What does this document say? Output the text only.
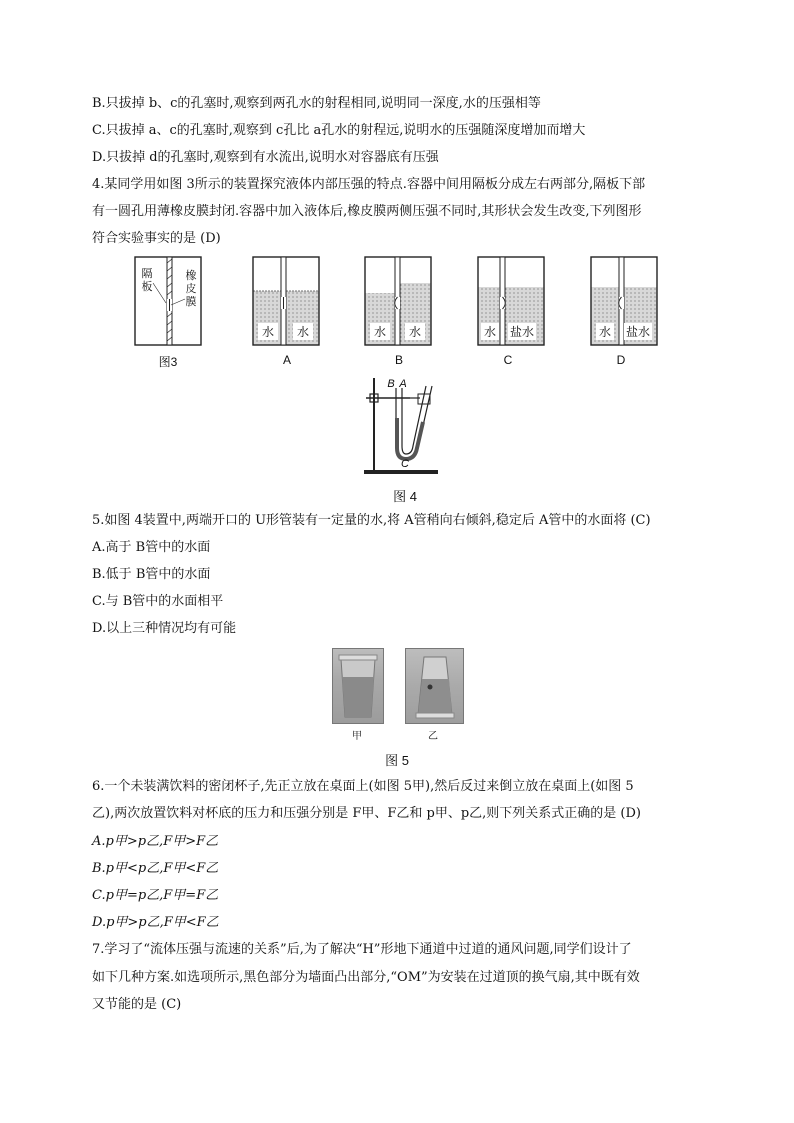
B.只拔掉 b、c的孔塞时,观察到两孔水的射程相同,说明同一深度,水的压强相等
C.只拔掉 a、c的孔塞时,观察到 c孔比 a孔水的射程远,说明水的压强随深度增加而增大
D.只拔掉 d的孔塞时,观察到有水流出,说明水对容器底有压强
4.某同学用如图 3所示的装置探究液体内部压强的特点.容器中间用隔板分成左右两部分,隔板下部
有一圆孔用薄橡皮膜封闭.容器中加入液体后,橡皮膜两侧压强不同时,其形状会发生改变,下列图形
符合实验事实的是 (D)
隔板
橡皮膜
图3
水	水	水	水	水 盐水	水 盐水
A	B	C	D
B A
C
图 4
5.如图 4装置中,两端开口的 U形管装有一定量的水,将 A管稍向右倾斜,稳定后 A管中的水面将 (C)
A.高于 B管中的水面
B.低于 B管中的水面
C.与 B管中的水面相平
D.以上三种情况均有可能
甲	乙
图 5
6.一个未装满饮料的密闭杯子,先正立放在桌面上(如图 5甲),然后反过来倒立放在桌面上(如图 5
乙),两次放置饮料对杯底的压力和压强分别是 F甲、F乙和 p甲、p乙,则下列关系式正确的是 (D)
A.p甲>p乙,F甲>F乙
B.p甲<p乙,F甲<F乙
C.p甲=p乙,F甲=F乙
D.p甲>p乙,F甲<F乙
7.学习了“流体压强与流速的关系”后,为了解决“H”形地下通道中过道的通风问题,同学们设计了
如下几种方案.如选项所示,黑色部分为墙面凸出部分,“ΟM”为安装在过道顶的换气扇,其中既有效
又节能的是 (C)
